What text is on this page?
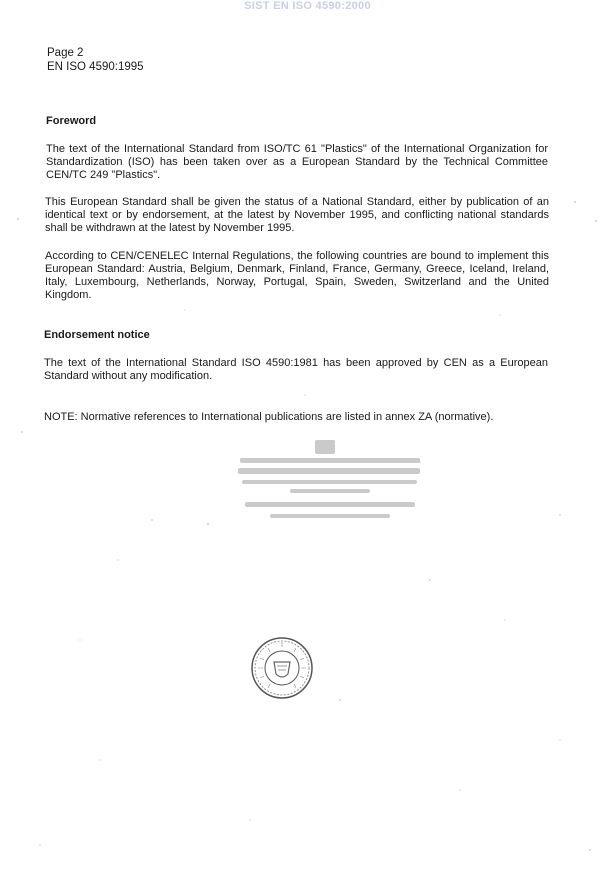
SIST EN ISO 4590:2000
Page 2
EN ISO 4590:1995
Foreword
The text of the International Standard from ISO/TC 61 "Plastics" of the International Organization for Standardization (ISO) has been taken over as a European Standard by the Technical Committee CEN/TC 249 "Plastics".
This European Standard shall be given the status of a National Standard, either by publication of an identical text or by endorsement, at the latest by November 1995, and conflicting national standards shall be withdrawn at the latest by November 1995.
According to CEN/CENELEC Internal Regulations, the following countries are bound to implement this European Standard: Austria, Belgium, Denmark, Finland, France, Germany, Greece, Iceland, Ireland, Italy, Luxembourg, Netherlands, Norway, Portugal, Spain, Sweden, Switzerland and the United Kingdom.
Endorsement notice
The text of the International Standard ISO 4590:1981 has been approved by CEN as a European Standard without any modification.
NOTE: Normative references to International publications are listed in annex ZA (normative).
